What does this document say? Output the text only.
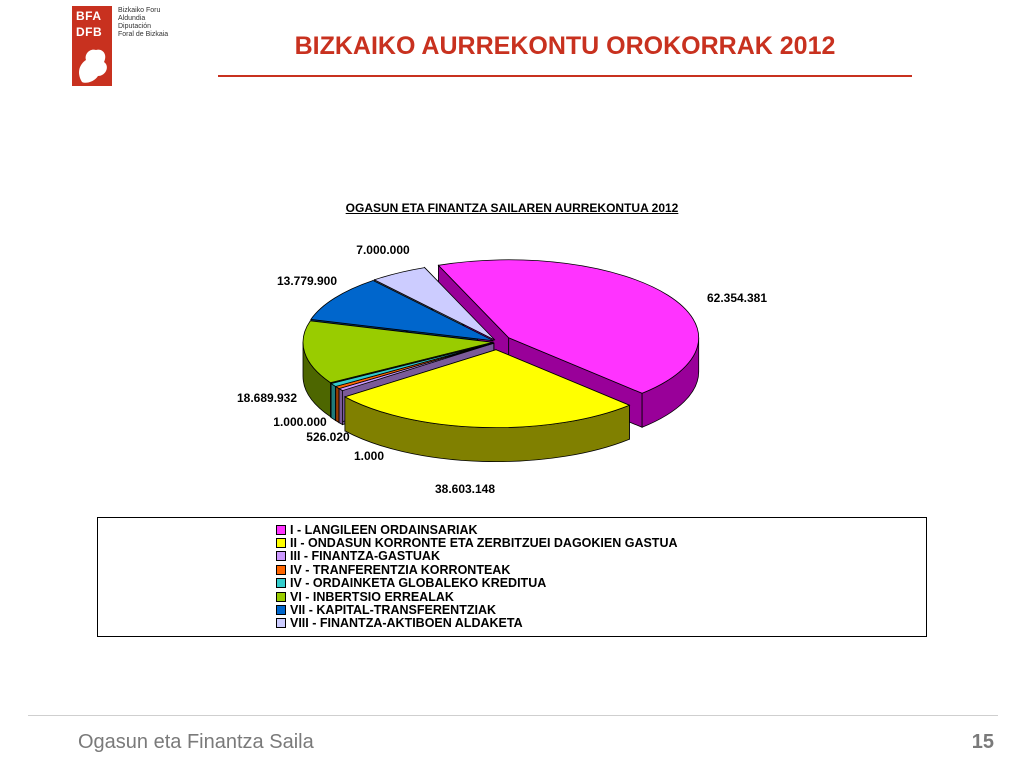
BFA
DFB
Bizkaiko Foru
Aldundia
Diputación
Foral de Bizkaia	BIZKAIKO AURREKONTU OROKORRAK 2012
OGASUN ETA FINANTZA SAILAREN AURREKONTUA 2012
62.354.381
38.603.148
1.000
526.020
1.000.000
18.689.932
13.779.900
7.000.000
I - LANGILEEN ORDAINSARIAK
II - ONDASUN KORRONTE ETA ZERBITZUEI DAGOKIEN GASTUA
III - FINANTZA-GASTUAK
IV - TRANFERENTZIA KORRONTEAK
IV - ORDAINKETA GLOBALEKO KREDITUA
VI - INBERTSIO ERREALAK
VII - KAPITAL-TRANSFERENTZIAK
VIII - FINANTZA-AKTIBOEN ALDAKETA
Ogasun eta Finantza Saila	15
